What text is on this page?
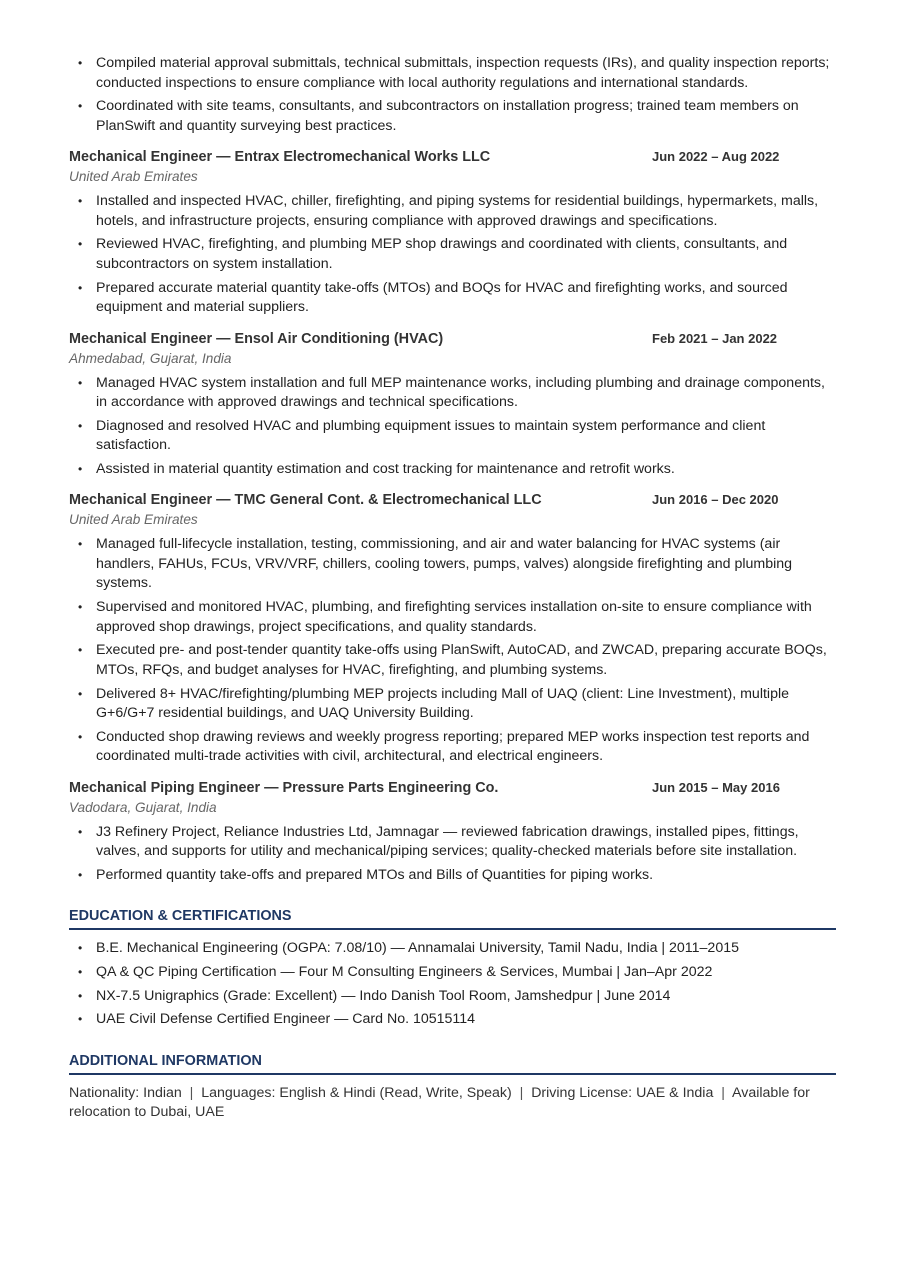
• Compiled material approval submittals, technical submittals, inspection requests (IRs), and quality inspection reports; conducted inspections to ensure compliance with local authority regulations and international standards.
• Coordinated with site teams, consultants, and subcontractors on installation progress; trained team members on PlanSwift and quantity surveying best practices.
Mechanical Engineer — Entrax Electromechanical Works LLC	Jun 2022 – Aug 2022
United Arab Emirates
• Installed and inspected HVAC, chiller, firefighting, and piping systems for residential buildings, hypermarkets, malls, hotels, and infrastructure projects, ensuring compliance with approved drawings and specifications.
• Reviewed HVAC, firefighting, and plumbing MEP shop drawings and coordinated with clients, consultants, and subcontractors on system installation.
• Prepared accurate material quantity take-offs (MTOs) and BOQs for HVAC and firefighting works, and sourced equipment and material suppliers.
Mechanical Engineer — Ensol Air Conditioning (HVAC)	Feb 2021 – Jan 2022
Ahmedabad, Gujarat, India
• Managed HVAC system installation and full MEP maintenance works, including plumbing and drainage components, in accordance with approved drawings and technical specifications.
• Diagnosed and resolved HVAC and plumbing equipment issues to maintain system performance and client satisfaction.
• Assisted in material quantity estimation and cost tracking for maintenance and retrofit works.
Mechanical Engineer — TMC General Cont. & Electromechanical LLC	Jun 2016 – Dec 2020
United Arab Emirates
• Managed full-lifecycle installation, testing, commissioning, and air and water balancing for HVAC systems (air handlers, FAHUs, FCUs, VRV/VRF, chillers, cooling towers, pumps, valves) alongside firefighting and plumbing systems.
• Supervised and monitored HVAC, plumbing, and firefighting services installation on-site to ensure compliance with approved shop drawings, project specifications, and quality standards.
• Executed pre- and post-tender quantity take-offs using PlanSwift, AutoCAD, and ZWCAD, preparing accurate BOQs, MTOs, RFQs, and budget analyses for HVAC, firefighting, and plumbing systems.
• Delivered 8+ HVAC/firefighting/plumbing MEP projects including Mall of UAQ (client: Line Investment), multiple G+6/G+7 residential buildings, and UAQ University Building.
• Conducted shop drawing reviews and weekly progress reporting; prepared MEP works inspection test reports and coordinated multi-trade activities with civil, architectural, and electrical engineers.
Mechanical Piping Engineer — Pressure Parts Engineering Co.	Jun 2015 – May 2016
Vadodara, Gujarat, India
• J3 Refinery Project, Reliance Industries Ltd, Jamnagar — reviewed fabrication drawings, installed pipes, fittings, valves, and supports for utility and mechanical/piping services; quality-checked materials before site installation.
• Performed quantity take-offs and prepared MTOs and Bills of Quantities for piping works.
EDUCATION & CERTIFICATIONS
• B.E. Mechanical Engineering (OGPA: 7.08/10) — Annamalai University, Tamil Nadu, India | 2011–2015
• QA & QC Piping Certification — Four M Consulting Engineers & Services, Mumbai | Jan–Apr 2022
• NX-7.5 Unigraphics (Grade: Excellent) — Indo Danish Tool Room, Jamshedpur | June 2014
• UAE Civil Defense Certified Engineer — Card No. 10515114
ADDITIONAL INFORMATION
Nationality: Indian | Languages: English & Hindi (Read, Write, Speak) | Driving License: UAE & India | Available for relocation to Dubai, UAE
